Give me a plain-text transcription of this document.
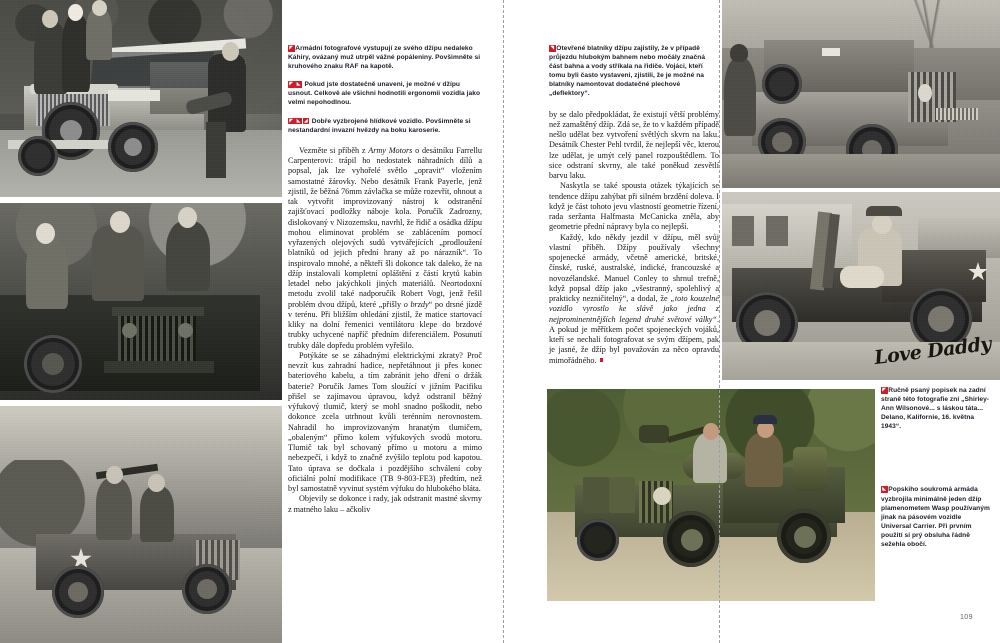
◤ Armádní fotografové vystupují ze svého džípu nedaleko Káhiry, ovázaný muž utrpěl vážné popáleniny. Povšimněte si kruhového znaku RAF na kapotě.
◤ ◣ Pokud jste dostatečně unaveni, je možné v džípu usnout. Celkově ale všichni hodnotili ergonomii vozidla jako velmi nepohodlnou.
◤ ◣ ◢ Dobře vyzbrojené hlídkové vozidlo. Povšimněte si nestandardní invazní hvězdy na boku karoserie.

Vezměte si příběh z Army Motors o desátníku Farrellu Carpenterovi: trápil ho nedostatek náhradních dílů a popsal, jak lze vyhořelé světlo „opravit“ vložením samostatné žárovky. Nebo desátník Frank Payerle, jenž zjistil, že běžná 76mm závlačka se může rozevřít, ohnout a tak vytvořit improvizovaný nástroj k odstranění zajišťovací podložky náboje kola. Poručík Zadrozny, dislokovaný v Nizozemsku, navrhl, že řidič a osádka džípu mohou eliminovat problém se zablácením pomocí vyřazených olejových sudů vytvářejících „prodloužení blatníků od jejich přední hrany až po nárazník“. To inspirovalo mnohé, a někteří šli dokonce tak daleko, že na džíp instalovali kompletní opláštění z částí krytů kabin letadel nebo jakýchkoli jiných materiálů. Neortodoxní metodu zvolil také nadporučík Robert Vogt, jenž řešil problém dvou džípů, které „přišly o brzdy“ po drsné jízdě v terénu. Při bližším ohledání zjistil, že matice startovací kliky na dolní řemenici ventilátoru klepe do brzdové trubky uchycené napříč předním diferenciálem. Posunutí trubky dále dopředu problém vyřešilo.

Potýkáte se se záhadnými elektrickými zkraty? Proč nevzít kus zahradní hadice, nepřetáhnout ji přes konec bateriového kabelu, a tím zabránit jeho dření o držák baterie? Poručík James Tom sloužící v jižním Pacifiku přišel se zajímavou úpravou, když odstranil běžný výfukový tlumič, který se mohl snadno poškodit, nebo dokonce zcela utrhnout kvůli terénním nerovnostem. Nahradil ho improvizovaným hranatým tlumičem, „obaleným“ přímo kolem výfukových svodů motoru. Tlumič tak byl schovaný přímo u motoru a mimo nebezpečí, i když to značně zvýšilo teplotu pod kapotou. Tato úprava se dočkala i pozdějšího schválení coby oficiální polní modifikace (TB 9-803-FE3) předtím, než byl samostatně vyvinut systém výfuku do hlubokého bláta.

Objevily se dokonce i rady, jak odstranit mastné skvrny z matného laku – ačkoliv

Love Daddy
◥ Otevřené blatníky džípu zajistily, že v případě průjezdu hlubokým bahnem nebo močály značná část bahna a vody stříkala na řidiče. Vojáci, kteří tomu byli často vystaveni, zjistili, že je možné na blatníky namontovat dodatečné plechové „deflektory“.

by se dalo předpokládat, že existují větší problémy než zamaštěný džíp. Zdá se, že to v každém případě nešlo udělat bez vytvoření světlých skvrn na laku. Desátník Chester Pehl tvrdil, že nejlepší věc, kterou lze udělat, je umýt celý panel rozpouštědlem. To sice odstraní skvrny, ale také poněkud zesvětlí barvu laku.

Naskytla se také spousta otázek týkajících se tendence džípu zahýbat při silném brzdění doleva. I když je část tohoto jevu vlastností geometrie řízení, rada seržanta Halfmasta McCanicka zněla, aby geometrie přední nápravy byla co nejlepší.

Každý, kdo někdy jezdil v džípu, měl svůj vlastní příběh. Džípy používaly všechny spojenecké armády, včetně americké, britské, čínské, ruské, australské, indické, francouzské a novozélandské. Manuel Conley to shrnul trefně, když popsal džíp jako „všestranný, spolehlivý a prakticky nezničitelný“, a dodal, že „toto kouzelné vozidlo vyrostlo ke slávě jako jedna z nejprominentnějších legend druhé světové války“. A pokud je měřítkem počet spojeneckých vojáků, kteří se nechali fotografovat se svým džípem, pak je jasné, že džíp byl považován za něco opravdu mimořádného.

◤ Ručně psaný popisek na zadní straně této fotografie zní „Shirley-Ann Wilsonové... s láskou táta... Delano, Kalifornie, 16. května 1943“.
◣ Popskiho soukromá armáda vyzbrojila minimálně jeden džíp plamenometem Wasp používaným jinak na pásovém vozidle Universal Carrier. Při prvním použití si prý obsluha řádně sežehla obočí.
109
